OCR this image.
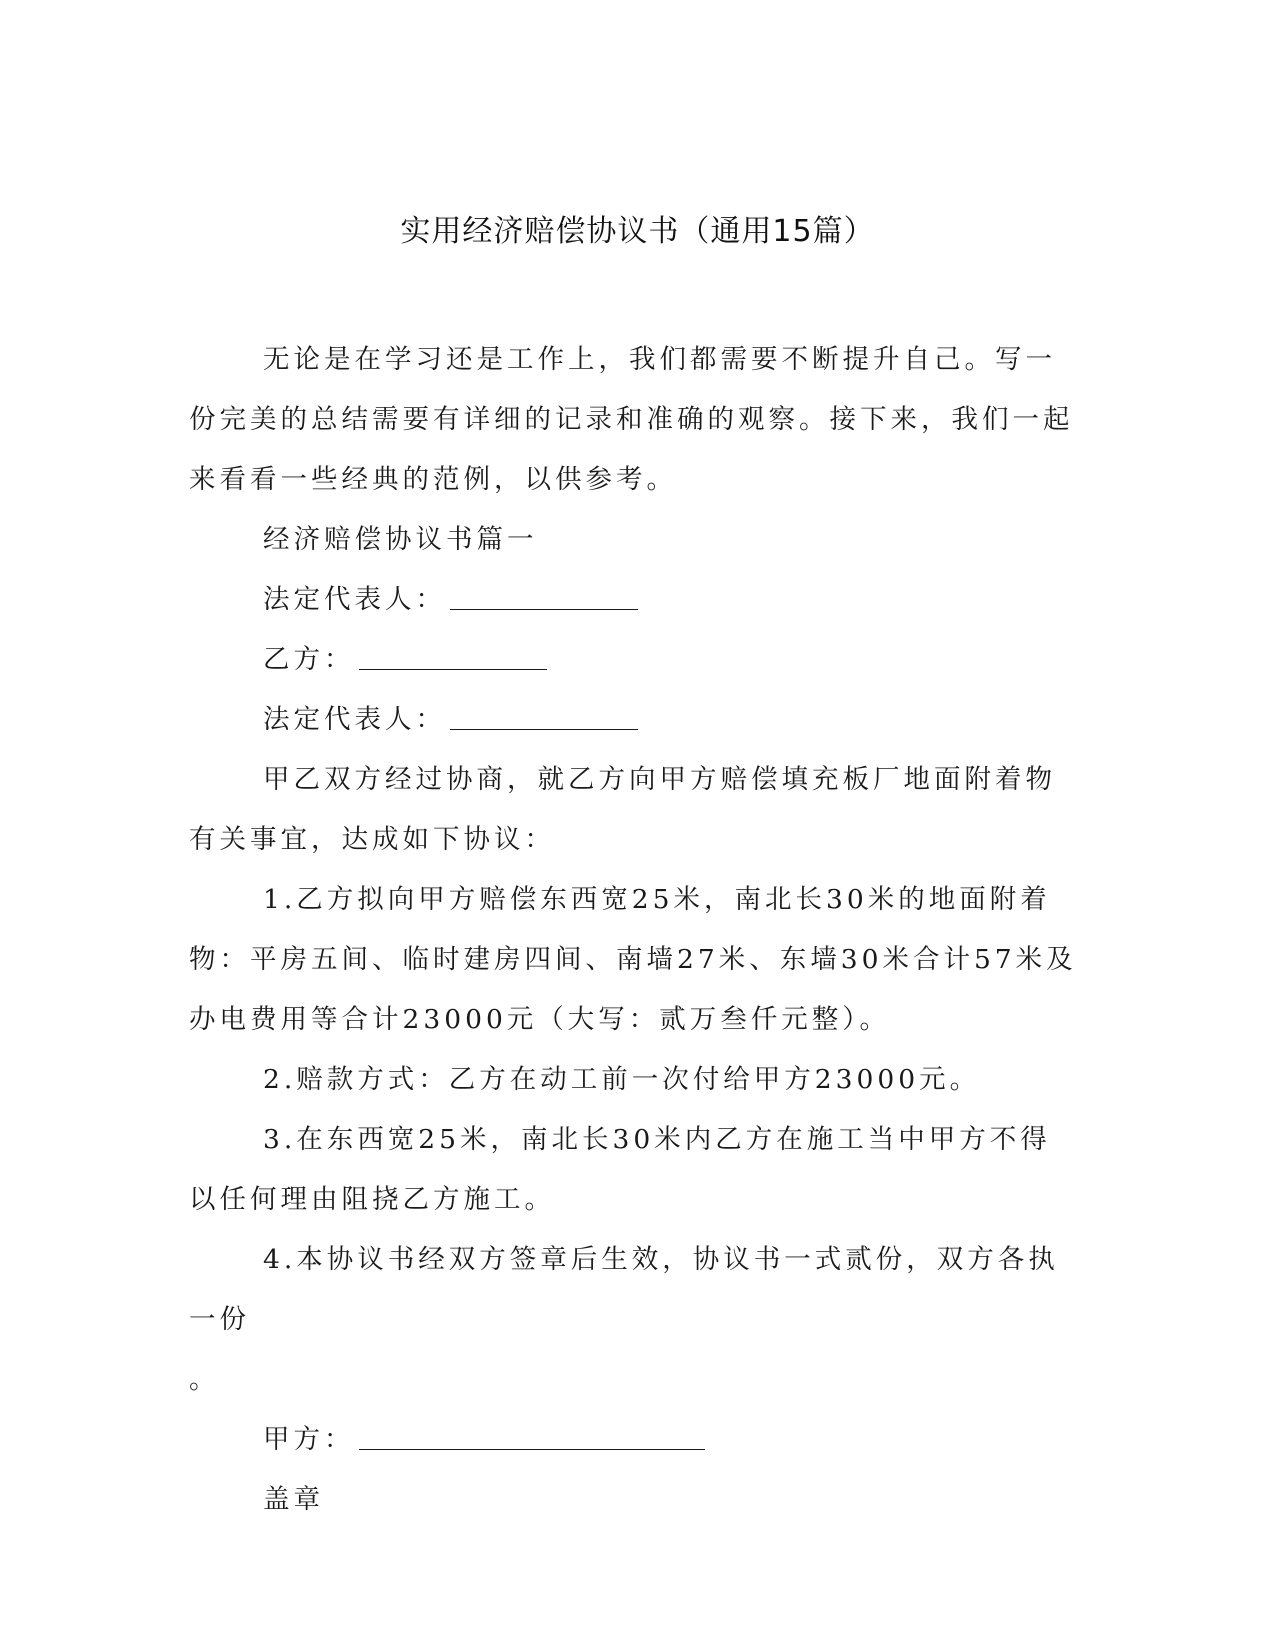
实用经济赔偿协议书（通用15篇）

无论是在学习还是工作上，我们都需要不断提升自己。写一份完美的总结需要有详细的记录和准确的观察。接下来，我们一起来看看一些经典的范例，以供参考。

经济赔偿协议书篇一

法定代表人：

乙方：

法定代表人：

甲乙双方经过协商，就乙方向甲方赔偿填充板厂地面附着物有关事宜，达成如下协议：

1.乙方拟向甲方赔偿东西宽25米，南北长30米的地面附着物：平房五间、临时建房四间、南墙27米、东墙30米合计57米及办电费用等合计23000元（大写：贰万叁仟元整）。

2.赔款方式：乙方在动工前一次付给甲方23000元。

3.在东西宽25米，南北长30米内乙方在施工当中甲方不得以任何理由阻挠乙方施工。

4.本协议书经双方签章后生效，协议书一式贰份，双方各执一份

。

甲方：

盖章
